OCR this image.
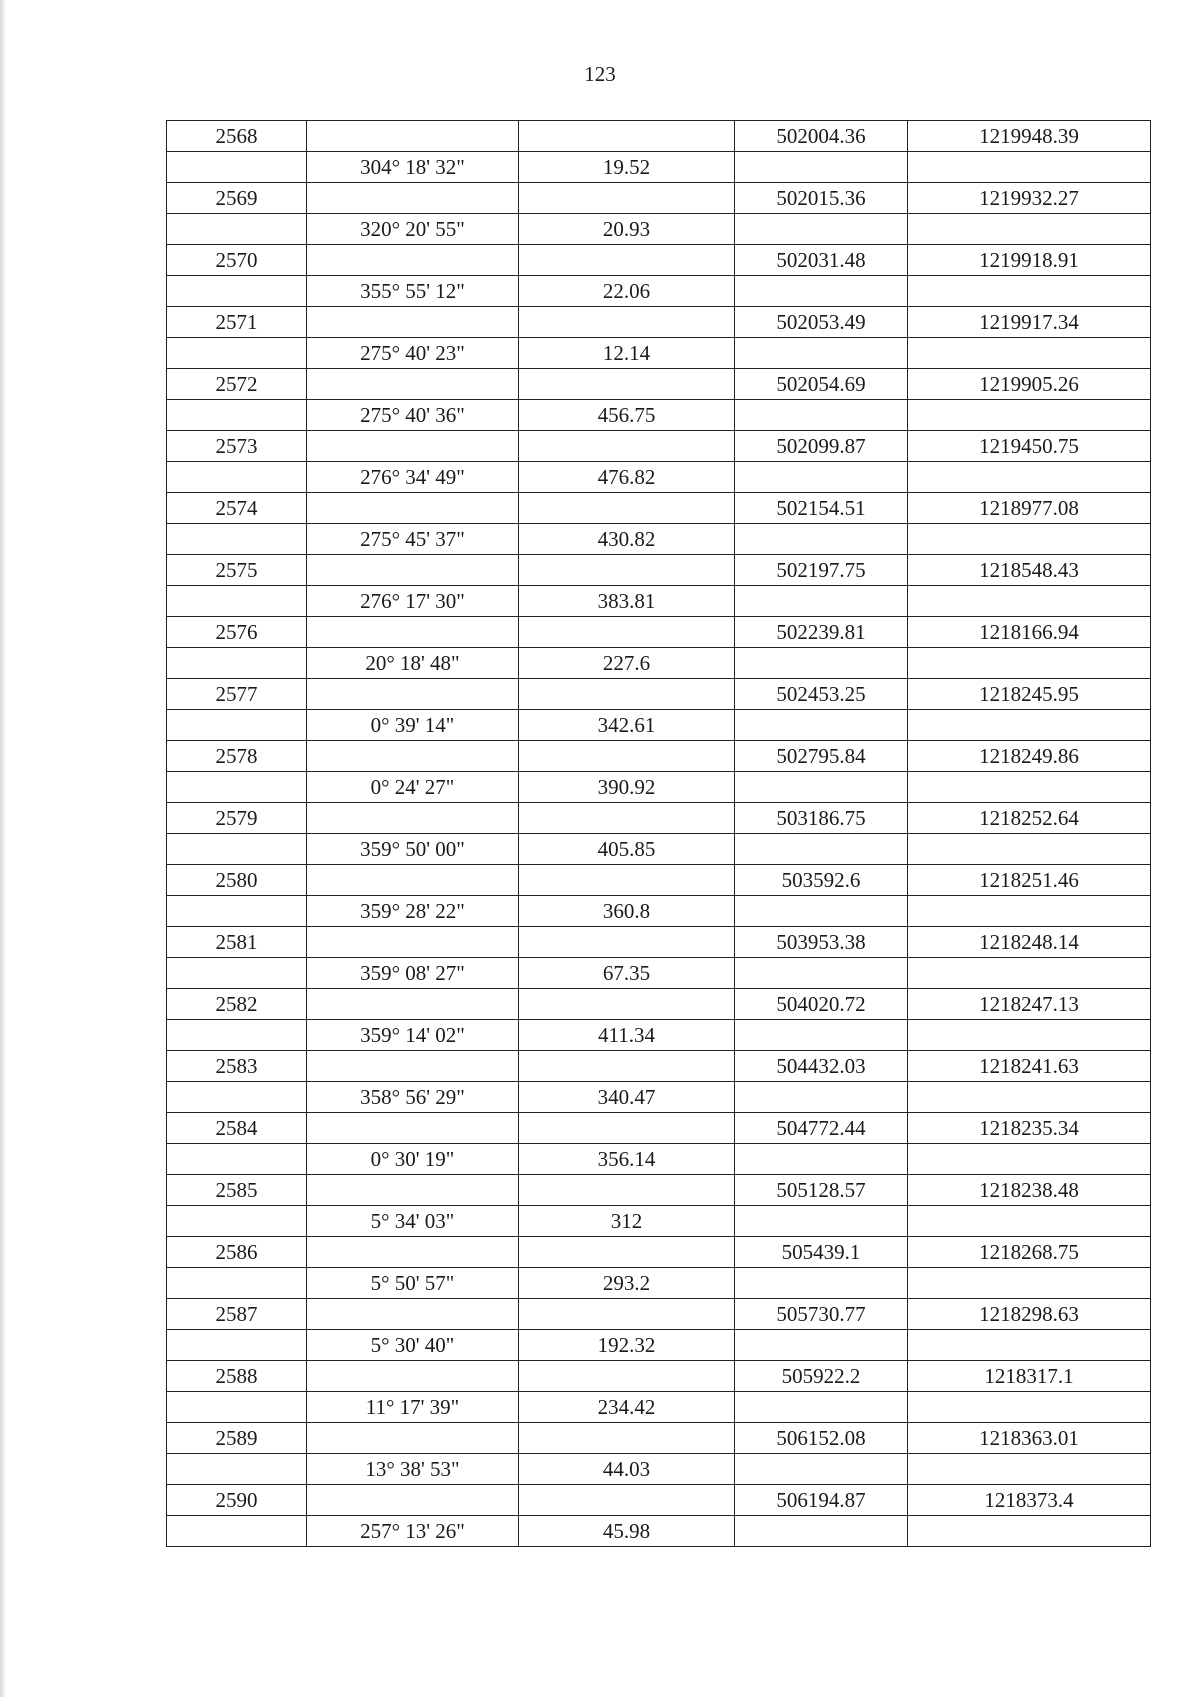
123
2568			502004.36	1219948.39
	304° 18' 32"	19.52		
2569			502015.36	1219932.27
	320° 20' 55"	20.93		
2570			502031.48	1219918.91
	355° 55' 12"	22.06		
2571			502053.49	1219917.34
	275° 40' 23"	12.14		
2572			502054.69	1219905.26
	275° 40' 36"	456.75		
2573			502099.87	1219450.75
	276° 34' 49"	476.82		
2574			502154.51	1218977.08
	275° 45' 37"	430.82		
2575			502197.75	1218548.43
	276° 17' 30"	383.81		
2576			502239.81	1218166.94
	20° 18' 48"	227.6		
2577			502453.25	1218245.95
	0° 39' 14"	342.61		
2578			502795.84	1218249.86
	0° 24' 27"	390.92		
2579			503186.75	1218252.64
	359° 50' 00"	405.85		
2580			503592.6	1218251.46
	359° 28' 22"	360.8		
2581			503953.38	1218248.14
	359° 08' 27"	67.35		
2582			504020.72	1218247.13
	359° 14' 02"	411.34		
2583			504432.03	1218241.63
	358° 56' 29"	340.47		
2584			504772.44	1218235.34
	0° 30' 19"	356.14		
2585			505128.57	1218238.48
	5° 34' 03"	312		
2586			505439.1	1218268.75
	5° 50' 57"	293.2		
2587			505730.77	1218298.63
	5° 30' 40"	192.32		
2588			505922.2	1218317.1
	11° 17' 39"	234.42		
2589			506152.08	1218363.01
	13° 38' 53"	44.03		
2590			506194.87	1218373.4
	257° 13' 26"	45.98		
